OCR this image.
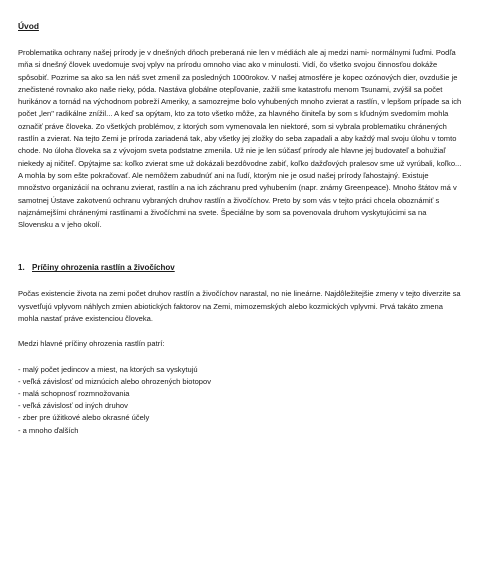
Úvod

Problematika ochrany našej prírody je v dnešných dňoch preberaná nie len v médiách ale aj medzi nami- normálnymi ľuďmi. Podľa mňa si dnešný človek uvedomuje svoj vplyv na prírodu omnoho viac ako v minulosti. Vidí, čo všetko svojou činnosťou dokáže spôsobiť. Pozrime sa ako sa len náš svet zmenil za posledných 1000rokov. V našej atmosfére je kopec ozónových dier, ovzdušie je znečistené rovnako ako naše rieky, póda. Nastáva globálne otepľovanie, zažili sme katastrofu menom Tsunami, zvýšil sa počet hurikánov a tornád na východnom pobreží Ameriky, a samozrejme bolo vyhubených mnoho zvierat a rastlín, v lepšom prípade sa ich počet „len" radikálne znížil... A keď sa opýtam, kto za toto všetko môže, za hlavného činiteľa by som s kľudným svedomím mohla označiť práve človeka. Zo všetkých problémov, z ktorých som vymenovala len niektoré, som si vybrala problematiku chránených rastlín a zvierat. Na tejto Zemi je príroda zariadená tak, aby všetky jej zložky do seba zapadali a aby každý mal svoju úlohu v tomto chode. No úloha človeka sa z vývojom sveta podstatne zmenila. Už nie je len súčasť prírody ale hlavne jej budovateľ a bohužiaľ niekedy aj ničiteľ. Opýtajme sa: koľko zvierat sme už dokázali bezdôvodne zabiť, koľko dažďových pralesov sme už vyrúbali, koľko... A mohla by som ešte pokračovať. Ale nemôžem zabudnúť ani na ľudí, ktorým nie je osud našej prírody ľahostajný. Existuje množstvo organizácií na ochranu zvierat, rastlín a na ich záchranu pred vyhubením (napr. známy Greenpeace). Mnoho štátov má v samotnej Ústave zakotvenú ochranu vybraných druhov rastlín a živočíchov. Preto by som vás v tejto práci chcela oboznámiť s najznámejšími chránenými rastlinami a živočíchmi na svete. Špeciálne by som sa povenovala druhom vyskytujúcimi sa na Slovensku a v jeho okolí.

1. Príčiny ohrozenia rastlín a živočíchov

Počas existencie života na zemi počet druhov rastlín a živočíchov narastal, no nie lineárne. Najdôležitejšie zmeny v tejto diverzite sa vysvetľujú vplyvom náhlych zmien abiotických faktorov na Zemi, mimozemských alebo kozmických vplyvmi. Prvá takáto zmena mohla nastať práve existenciou človeka.

Medzi hlavné príčiny ohrozenia rastlín patrí:

- malý počet jedincov a miest, na ktorých sa vyskytujú
- veľká závislosť od miznúcich alebo ohrozených biotopov
- malá schopnosť rozmnožovania
- veľká závislosť od iných druhov
- zber pre úžitkové alebo okrasné účely
- a mnoho ďalších
